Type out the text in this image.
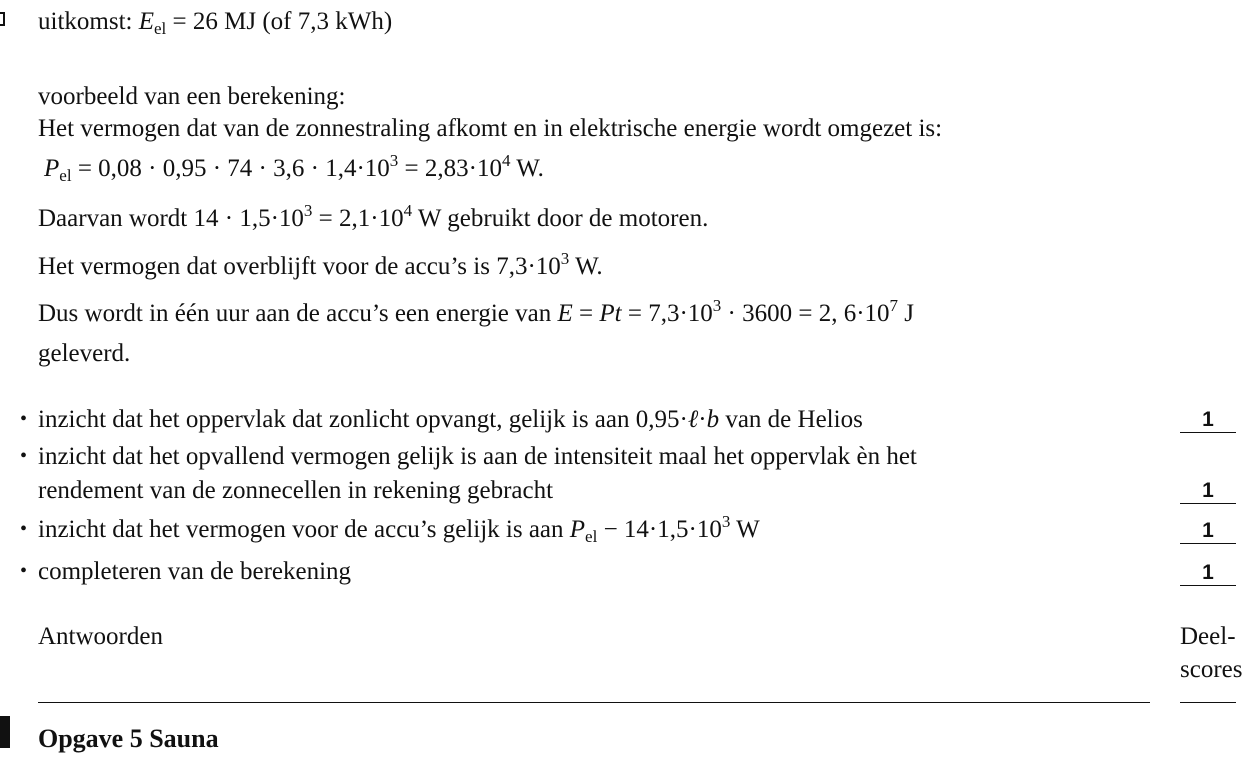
uitkomst: $E_{el} = 26$ MJ (of 7,3 kWh)
voorbeeld van een berekening:
Het vermogen dat van de zonnestraling afkomt en in elektrische energie wordt omgezet is:
$P_{el} = 0,08 \cdot 0,95 \cdot 74 \cdot 3,6 \cdot 1,4\cdot 10^3 = 2,83\cdot 10^4$ W.
Daarvan wordt $14 \cdot 1,5\cdot 10^3 = 2,1\cdot 10^4$ W gebruikt door de motoren.
Het vermogen dat overblijft voor de accu’s is $7,3\cdot 10^3$ W.
Dus wordt in één uur aan de accu’s een energie van $E = Pt = 7,3\cdot 10^3 \cdot 3600 = 2$, $6\cdot 10^7$ J
geleverd.
• inzicht dat het oppervlak dat zonlicht opvangt, gelijk is aan 0,95·ℓ·b van de Helios	1
• inzicht dat het opvallend vermogen gelijk is aan de intensiteit maal het oppervlak èn het
rendement van de zonnecellen in rekening gebracht	1
• inzicht dat het vermogen voor de accu’s gelijk is aan $P_{el} - 14\cdot 1,5\cdot 10^3$ W	1
• completeren van de berekening	1
Antwoorden	Deel-
scores
Opgave 5 Sauna
